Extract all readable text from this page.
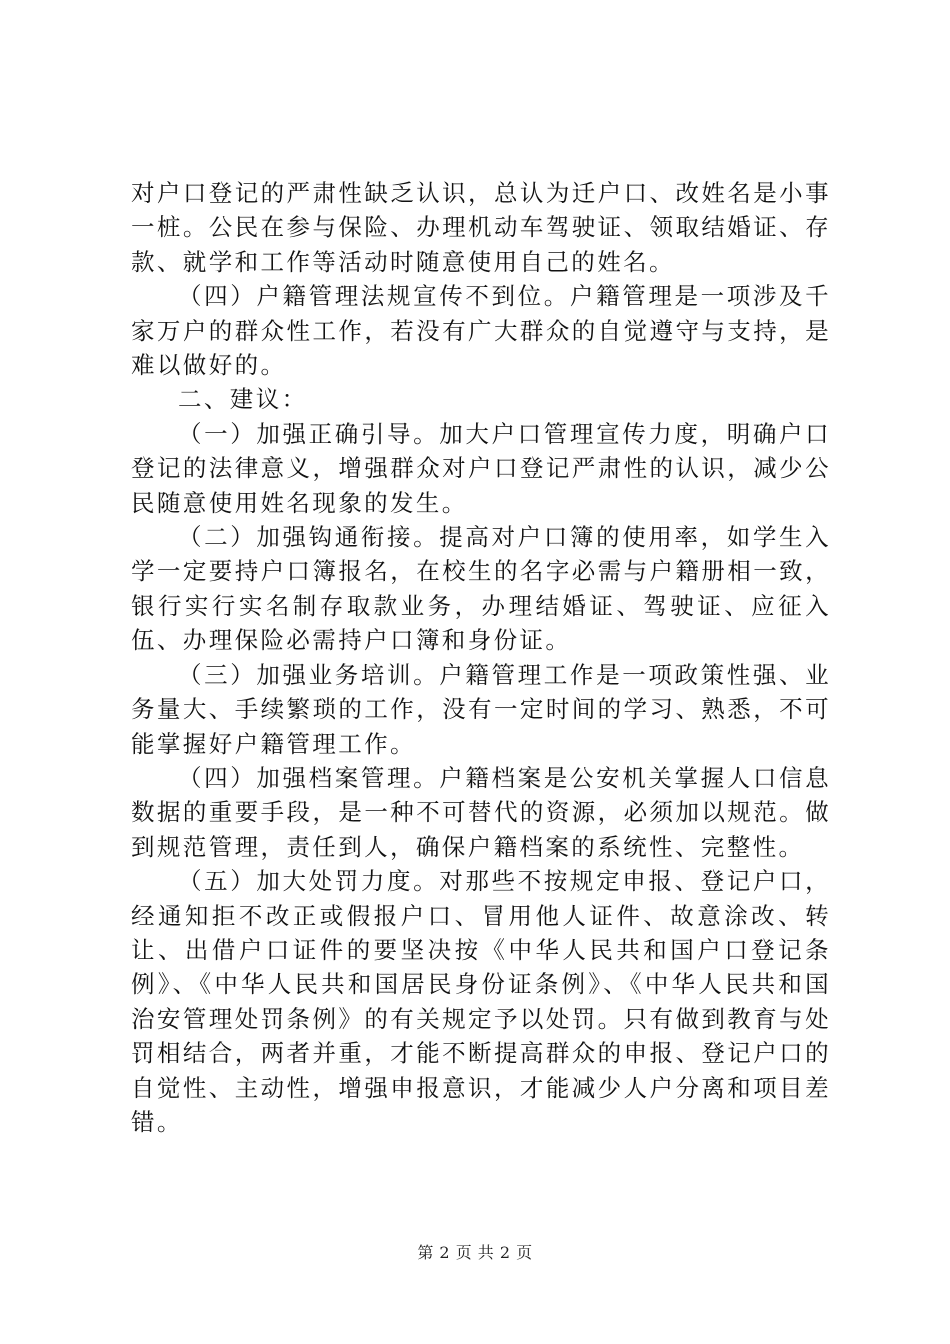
对户口登记的严肃性缺乏认识，总认为迁户口、改姓名是小事一桩。公民在参与保险、办理机动车驾驶证、领取结婚证、存款、就学和工作等活动时随意使用自己的姓名。

（四）户籍管理法规宣传不到位。户籍管理是一项涉及千家万户的群众性工作，若没有广大群众的自觉遵守与支持，是难以做好的。

二、建议：

（一）加强正确引导。加大户口管理宣传力度，明确户口登记的法律意义，增强群众对户口登记严肃性的认识，减少公民随意使用姓名现象的发生。

（二）加强钩通衔接。提高对户口簿的使用率，如学生入学一定要持户口簿报名，在校生的名字必需与户籍册相一致，银行实行实名制存取款业务，办理结婚证、驾驶证、应征入伍、办理保险必需持户口簿和身份证。

（三）加强业务培训。户籍管理工作是一项政策性强、业务量大、手续繁琐的工作，没有一定时间的学习、熟悉，不可能掌握好户籍管理工作。

（四）加强档案管理。户籍档案是公安机关掌握人口信息数据的重要手段，是一种不可替代的资源，必须加以规范。做到规范管理，责任到人，确保户籍档案的系统性、完整性。

（五）加大处罚力度。对那些不按规定申报、登记户口，经通知拒不改正或假报户口、冒用他人证件、故意涂改、转让、出借户口证件的要坚决按《中华人民共和国户口登记条例》、《中华人民共和国居民身份证条例》、《中华人民共和国治安管理处罚条例》的有关规定予以处罚。只有做到教育与处罚相结合，两者并重，才能不断提高群众的申报、登记户口的自觉性、主动性，增强申报意识，才能减少人户分离和项目差错。

第 2 页 共 2 页
